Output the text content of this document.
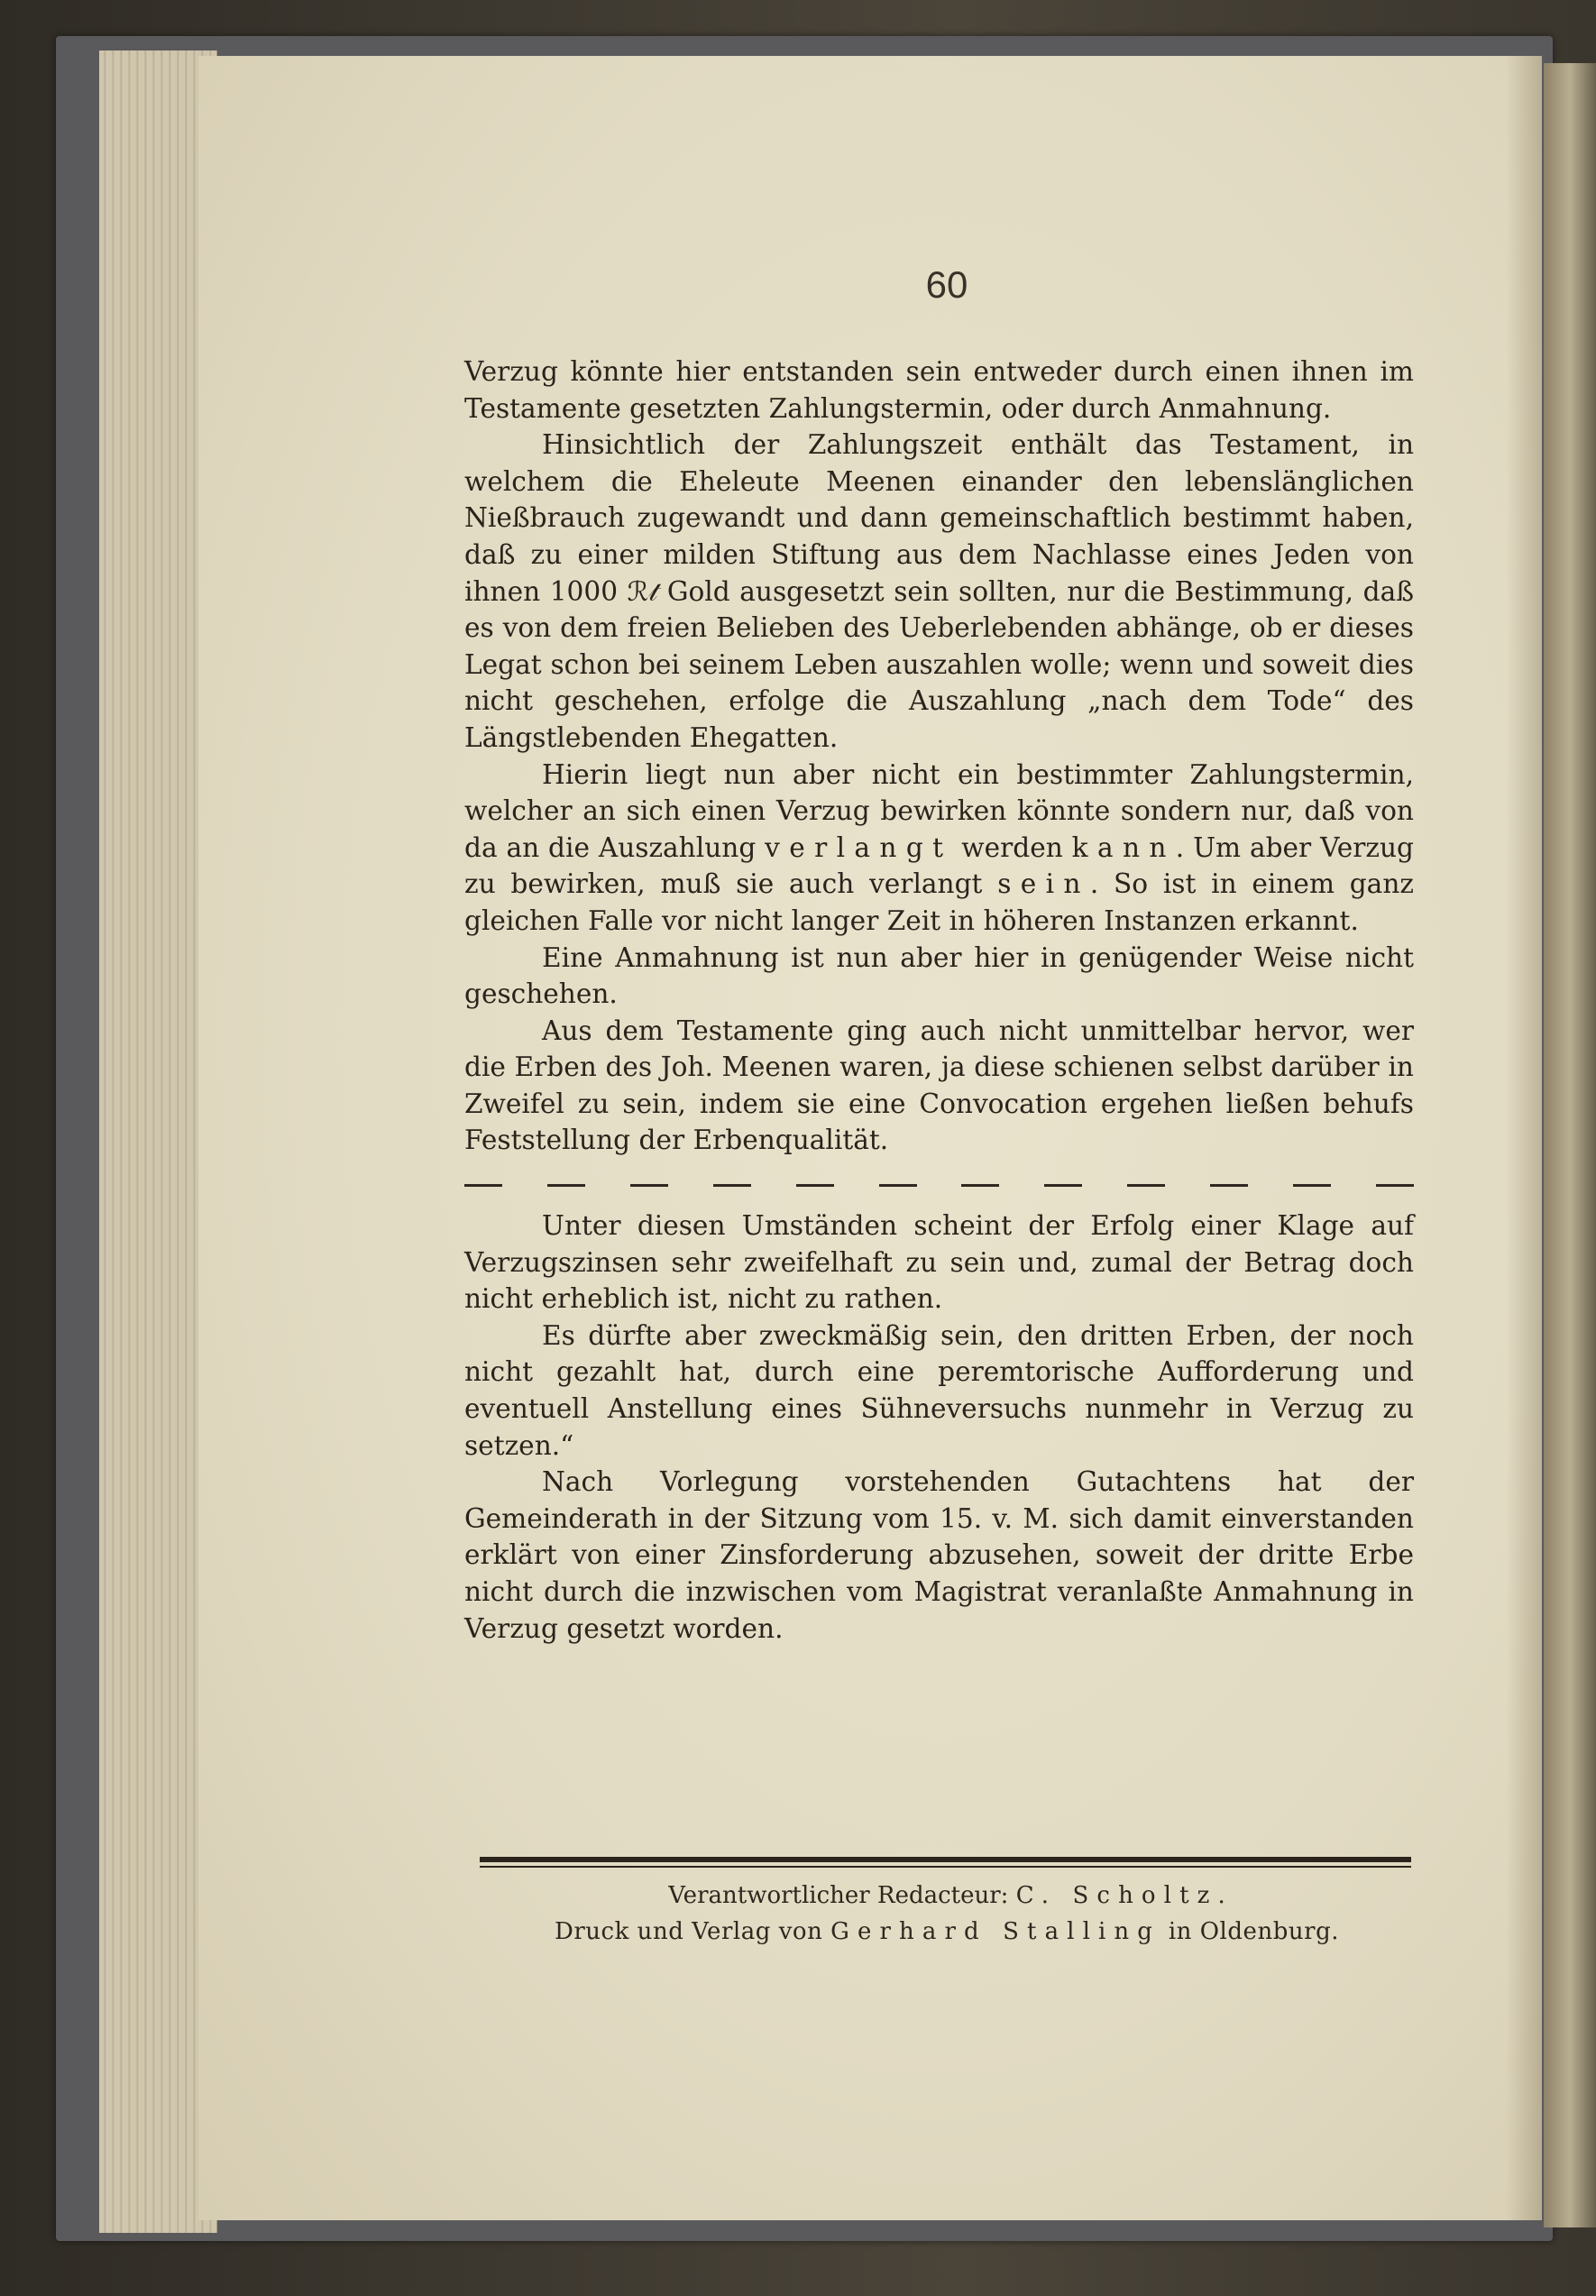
60

Verzug könnte hier entstanden sein entweder durch einen ihnen im Testamente gesetzten Zahlungstermin, oder durch Anmahnung.

Hinsichtlich der Zahlungszeit enthält das Testament, in welchem die Eheleute Meenen einander den lebenslänglichen Nießbrauch zugewandt und dann gemeinschaftlich bestimmt haben, daß zu einer milden Stiftung aus dem Nachlasse eines Jeden von ihnen 1000 ℛ𝓉 Gold ausgesetzt sein sollten, nur die Bestimmung, daß es von dem freien Belieben des Ueberlebenden abhänge, ob er dieses Legat schon bei seinem Leben auszahlen wolle; wenn und soweit dies nicht geschehen, erfolge die Auszahlung „nach dem Tode“ des Längstlebenden Ehegatten.

Hierin liegt nun aber nicht ein bestimmter Zahlungstermin, welcher an sich einen Verzug bewirken könnte sondern nur, daß von da an die Auszahlung verlangt werden kann. Um aber Verzug zu bewirken, muß sie auch verlangt sein. So ist in einem ganz gleichen Falle vor nicht langer Zeit in höheren Instanzen erkannt.

Eine Anmahnung ist nun aber hier in genügender Weise nicht geschehen.

Aus dem Testamente ging auch nicht unmittelbar hervor, wer die Erben des Joh. Meenen waren, ja diese schienen selbst darüber in Zweifel zu sein, indem sie eine Convocation ergehen ließen behufs Feststellung der Erbenqualität.

Unter diesen Umständen scheint der Erfolg einer Klage auf Verzugszinsen sehr zweifelhaft zu sein und, zumal der Betrag doch nicht erheblich ist, nicht zu rathen.

Es dürfte aber zweckmäßig sein, den dritten Erben, der noch nicht gezahlt hat, durch eine peremtorische Aufforderung und eventuell Anstellung eines Sühneversuchs nunmehr in Verzug zu setzen.“

Nach Vorlegung vorstehenden Gutachtens hat der Gemeinderath in der Sitzung vom 15. v. M. sich damit einverstanden erklärt von einer Zinsforderung abzusehen, soweit der dritte Erbe nicht durch die inzwischen vom Magistrat veranlaßte Anmahnung in Verzug gesetzt worden.

Verantwortlicher Redacteur: C. Scholtz.
Druck und Verlag von Gerhard Stalling in Oldenburg.
